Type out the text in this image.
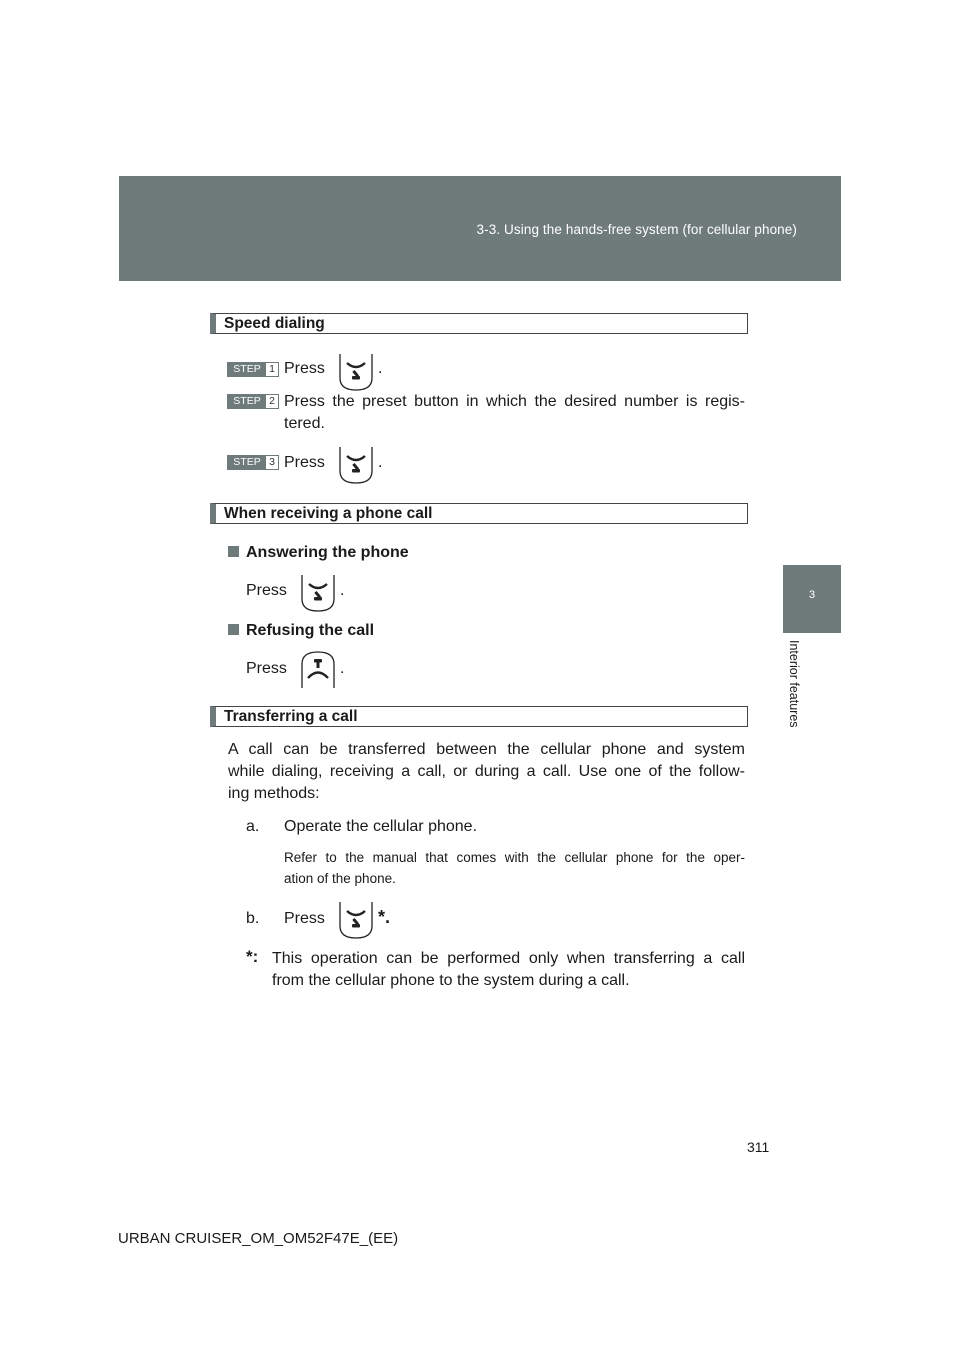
3-3. Using the hands-free system (for cellular phone)
3
Interior features
Speed dialing
STEP 1 Press	.
STEP 2 Press the preset button in which the desired number is regis-
tered.
STEP 3 Press	.
When receiving a phone call
Answering the phone
Press	.
Refusing the call
Press	.
Transferring a call
A call can be transferred between the cellular phone and system
while dialing, receiving a call, or during a call. Use one of the follow-
ing methods:
a. Operate the cellular phone.
Refer to the manual that comes with the cellular phone for the oper-
ation of the phone.
b. Press	*.
*: This operation can be performed only when transferring a call
from the cellular phone to the system during a call.
311
URBAN CRUISER_OM_OM52F47E_(EE)
